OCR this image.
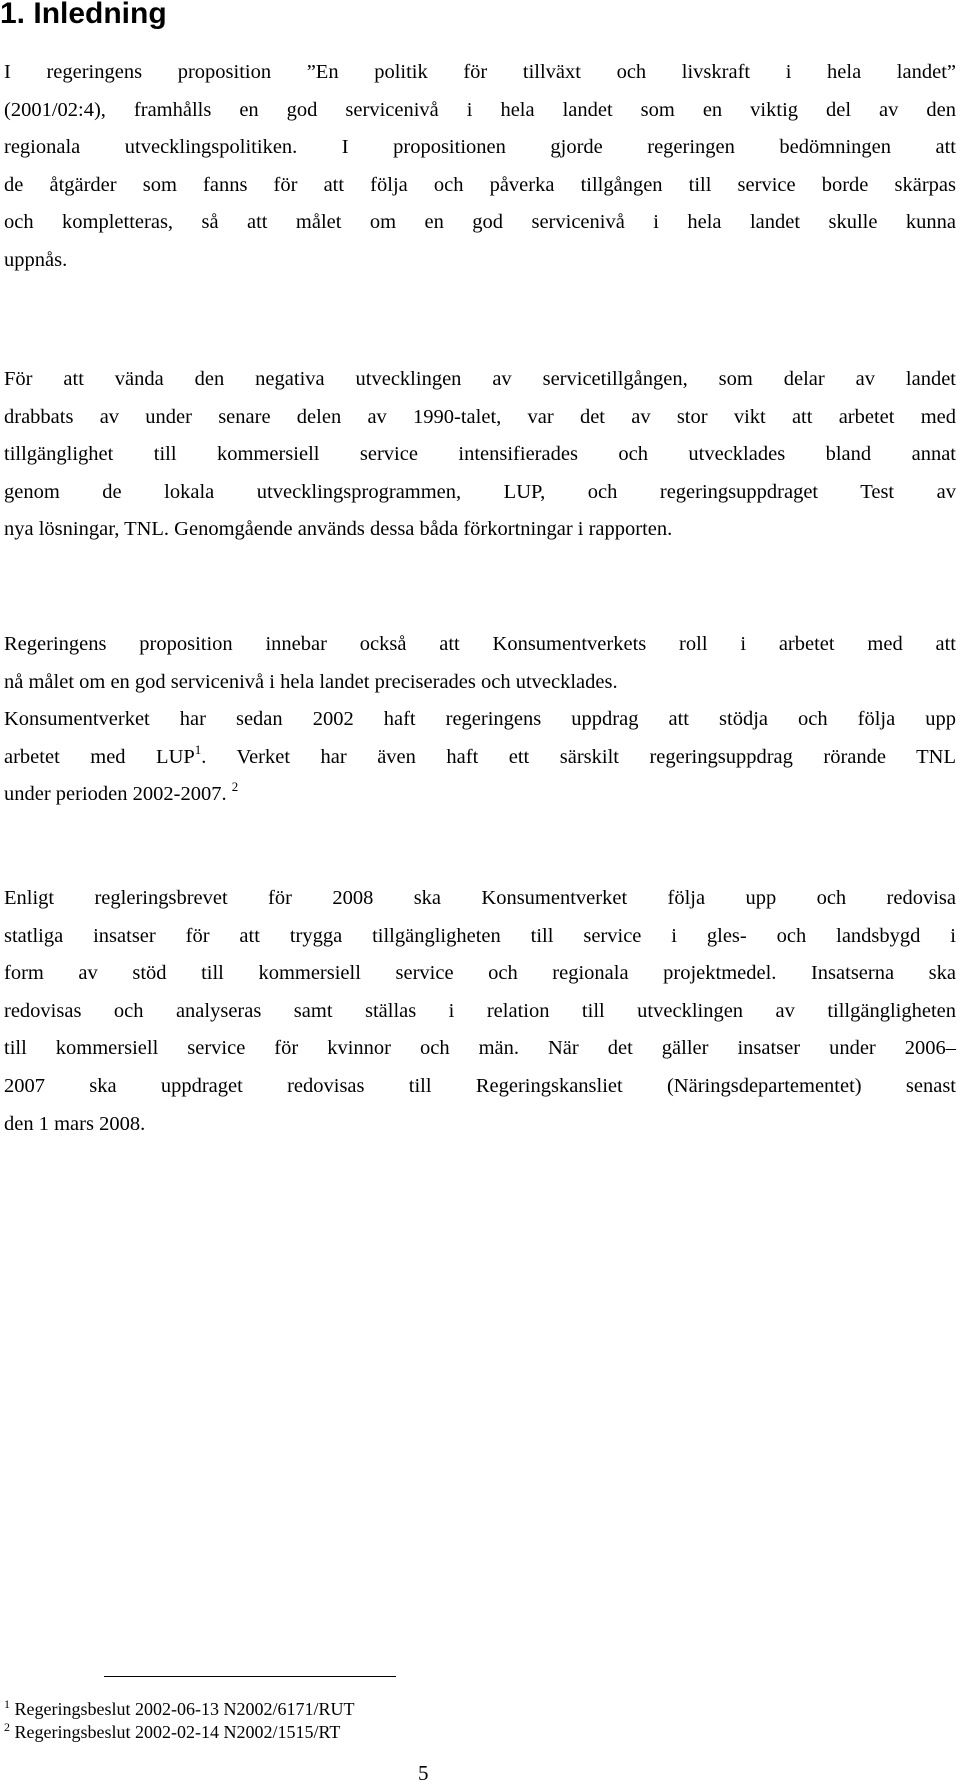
1. Inledning
I regeringens proposition ”En politik för tillväxt och livskraft i hela landet”
(2001/02:4), framhålls en god servicenivå i hela landet som en viktig del av den
regionala utvecklingspolitiken. I propositionen gjorde regeringen bedömningen att
de åtgärder som fanns för att följa och påverka tillgången till service borde skärpas
och kompletteras, så att målet om en god servicenivå i hela landet skulle kunna
uppnås.
För att vända den negativa utvecklingen av servicetillgången, som delar av landet
drabbats av under senare delen av 1990-talet, var det av stor vikt att arbetet med
tillgänglighet till kommersiell service intensifierades och utvecklades bland annat
genom de lokala utvecklingsprogrammen, LUP, och regeringsuppdraget Test av
nya lösningar, TNL. Genomgående används dessa båda förkortningar i rapporten.
Regeringens proposition innebar också att Konsumentverkets roll i arbetet med att
nå målet om en god servicenivå i hela landet preciserades och utvecklades.
Konsumentverket har sedan 2002 haft regeringens uppdrag att stödja och följa upp
arbetet med LUP$^1$. Verket har även haft ett särskilt regeringsuppdrag rörande TNL
under perioden 2002-2007. $^2$
Enligt regleringsbrevet för 2008 ska Konsumentverket följa upp och redovisa
statliga insatser för att trygga tillgängligheten till service i gles- och landsbygd i
form av stöd till kommersiell service och regionala projektmedel. Insatserna ska
redovisas och analyseras samt ställas i relation till utvecklingen av tillgängligheten
till kommersiell service för kvinnor och män. När det gäller insatser under 2006–
2007 ska uppdraget redovisas till Regeringskansliet (Näringsdepartementet) senast
den 1 mars 2008.
$^1$ Regeringsbeslut 2002-06-13 N2002/6171/RUT
$^2$ Regeringsbeslut 2002-02-14 N2002/1515/RT
5
